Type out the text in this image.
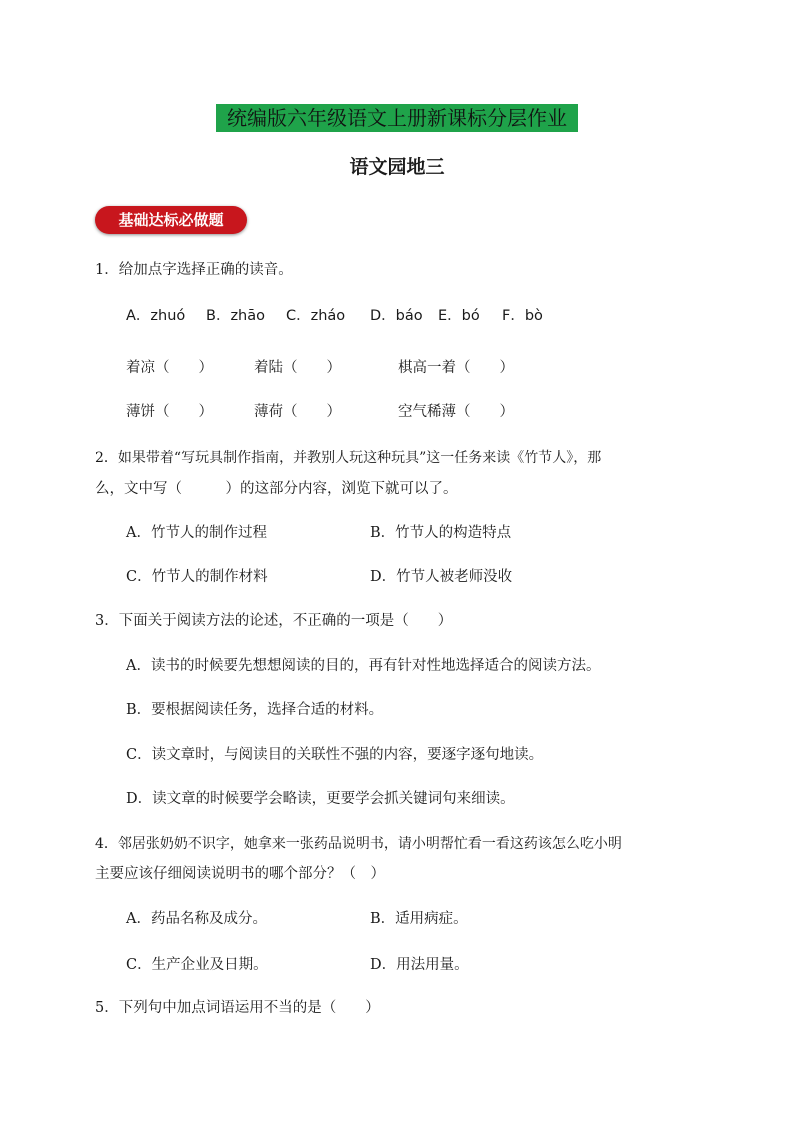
统编版六年级语文上册新课标分层作业
语文园地三
基础达标必做题
1．给加点字选择正确的读音。
A．zhuó B．zhāo C．zháo D．báo E．bó F．bò
着凉（　　）	着陆（　　）	棋高一着（　　）
薄饼（　　）	薄荷（　　）	空气稀薄（　　）
2．如果带着“写玩具制作指南，并教别人玩这种玩具”这一任务来读《竹节人》，那
么，文中写（　　　）的这部分内容，浏览下就可以了。
A．竹节人的制作过程	B．竹节人的构造特点
C．竹节人的制作材料	D．竹节人被老师没收
3．下面关于阅读方法的论述，不正确的一项是（　　）
A．读书的时候要先想想阅读的目的，再有针对性地选择适合的阅读方法。
B．要根据阅读任务，选择合适的材料。
C．读文章时，与阅读目的关联性不强的内容，要逐字逐句地读。
D．读文章的时候要学会略读，更要学会抓关键词句来细读。
4．邻居张奶奶不识字，她拿来一张药品说明书，请小明帮忙看一看这药该怎么吃小明
主要应该仔细阅读说明书的哪个部分？（　）
A．药品名称及成分。	B．适用病症。
C．生产企业及日期。	D．用法用量。
5．下列句中加点词语运用不当的是（　　）
